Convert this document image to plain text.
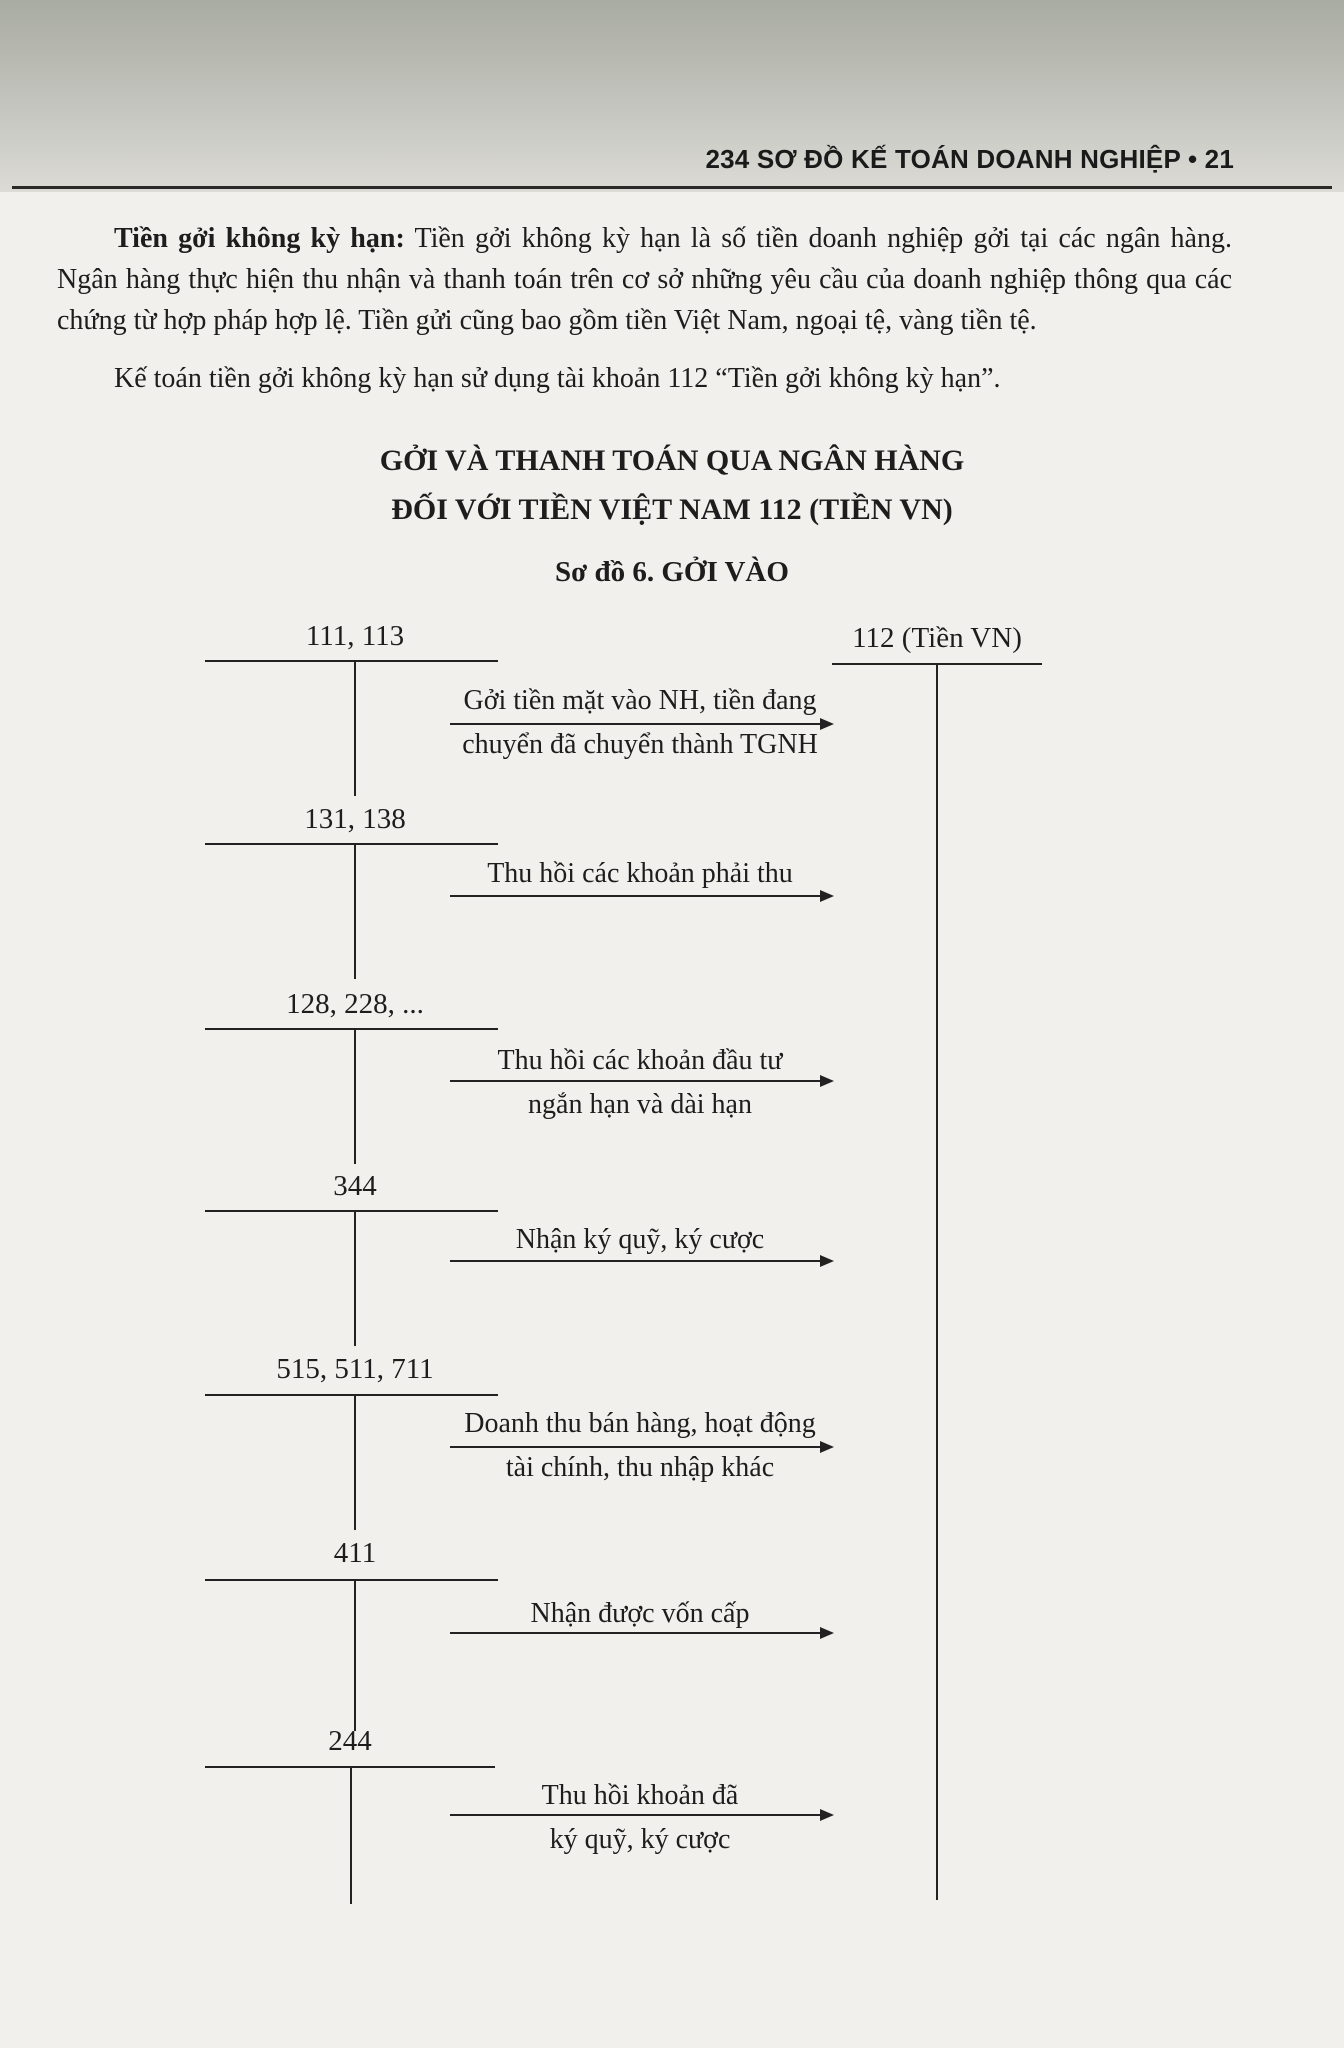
234 SƠ ĐỒ KẾ TOÁN DOANH NGHIỆP • 21
Tiền gởi không kỳ hạn: Tiền gởi không kỳ hạn là số tiền doanh nghiệp gởi tại các ngân hàng. Ngân hàng thực hiện thu nhận và thanh toán trên cơ sở những yêu cầu của doanh nghiệp thông qua các chứng từ hợp pháp hợp lệ. Tiền gửi cũng bao gồm tiền Việt Nam, ngoại tệ, vàng tiền tệ.
Kế toán tiền gởi không kỳ hạn sử dụng tài khoản 112 “Tiền gởi không kỳ hạn”.
GỞI VÀ THANH TOÁN QUA NGÂN HÀNG
ĐỐI VỚI TIỀN VIỆT NAM 112 (TIỀN VN)
Sơ đồ 6. GỞI VÀO
112 (Tiền VN)
111, 113
Gởi tiền mặt vào NH, tiền đang
chuyển đã chuyển thành TGNH
131, 138
Thu hồi các khoản phải thu
128, 228, ...
Thu hồi các khoản đầu tư
ngắn hạn và dài hạn
344
Nhận ký quỹ, ký cược
515, 511, 711
Doanh thu bán hàng, hoạt động
tài chính, thu nhập khác
411
Nhận được vốn cấp
244
Thu hồi khoản đã
ký quỹ, ký cược
